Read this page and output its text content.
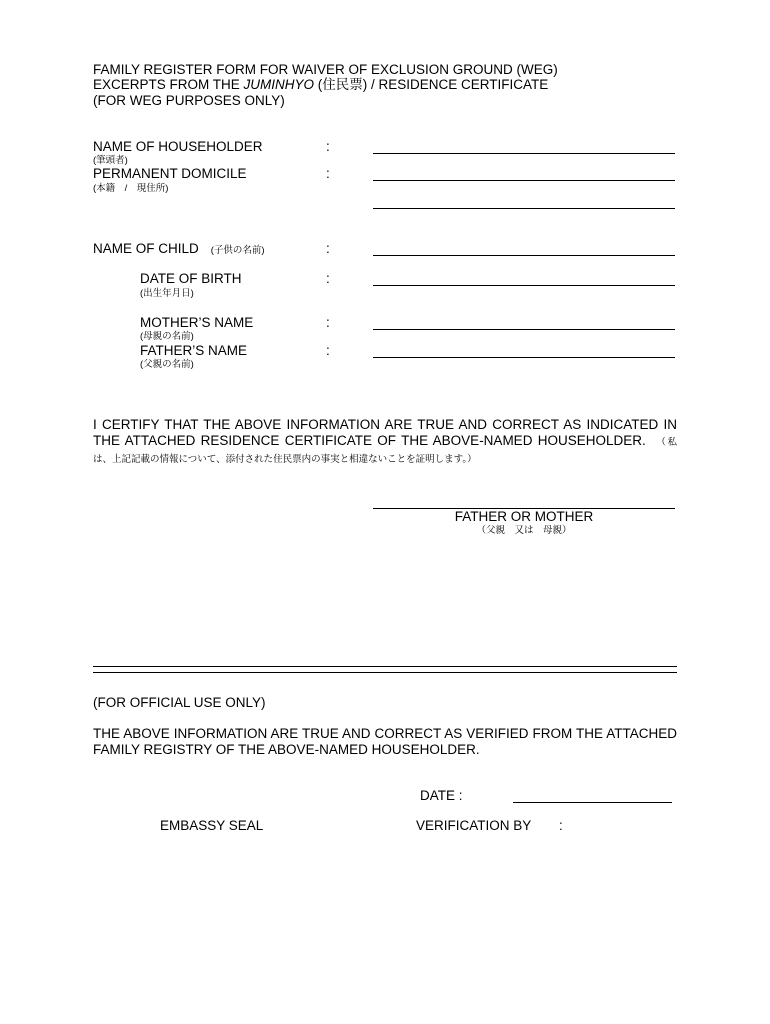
FAMILY REGISTER FORM FOR WAIVER OF EXCLUSION GROUND (WEG)
EXCERPTS FROM THE JUMINHYO (住民票) / RESIDENCE CERTIFICATE
(FOR WEG PURPOSES ONLY)
NAME OF HOUSEHOLDER
(筆頭者)
:
PERMANENT DOMICILE
(本籍　/　現住所)
:
NAME OF CHILD (子供の名前)	:
DATE OF BIRTH
(出生年月日)
:
MOTHER’S NAME
(母親の名前)
:
FATHER’S NAME
(父親の名前)
:
I CERTIFY THAT THE ABOVE INFORMATION ARE TRUE AND CORRECT AS INDICATED IN THE ATTACHED RESIDENCE CERTIFICATE OF THE ABOVE-NAMED HOUSEHOLDER. （私は、上記記載の情報について、添付された住民票内の事実と相違ないことを証明します。）
FATHER OR MOTHER
（父親　又は　母親）
(FOR OFFICIAL USE ONLY)
THE ABOVE INFORMATION ARE TRUE AND CORRECT AS VERIFIED FROM THE ATTACHED FAMILY REGISTRY OF THE ABOVE-NAMED HOUSEHOLDER.
DATE :
EMBASSY SEAL	VERIFICATION BY :
